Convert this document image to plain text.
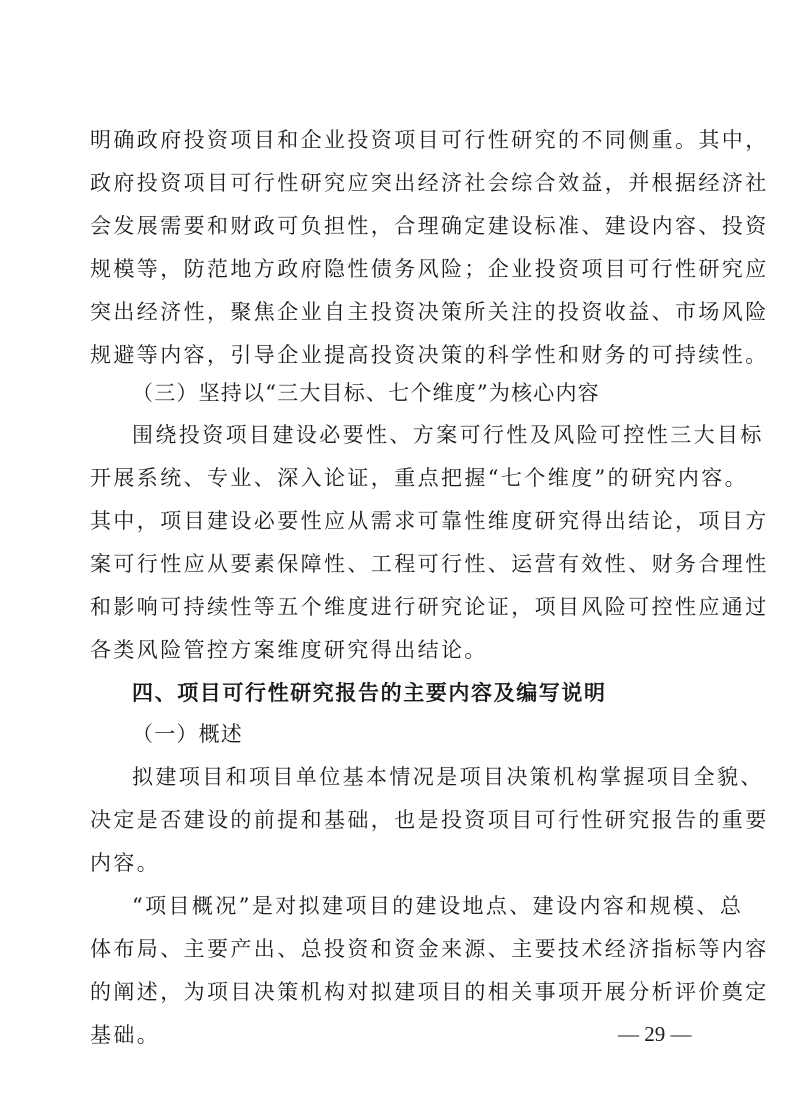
明确政府投资项目和企业投资项目可行性研究的不同侧重。其中，
政府投资项目可行性研究应突出经济社会综合效益，并根据经济社
会发展需要和财政可负担性，合理确定建设标准、建设内容、投资
规模等，防范地方政府隐性债务风险；企业投资项目可行性研究应
突出经济性，聚焦企业自主投资决策所关注的投资收益、市场风险
规避等内容，引导企业提高投资决策的科学性和财务的可持续性。
（三）坚持以“三大目标、七个维度”为核心内容
围绕投资项目建设必要性、方案可行性及风险可控性三大目标
开展系统、专业、深入论证，重点把握“七个维度”的研究内容。
其中，项目建设必要性应从需求可靠性维度研究得出结论，项目方
案可行性应从要素保障性、工程可行性、运营有效性、财务合理性
和影响可持续性等五个维度进行研究论证，项目风险可控性应通过
各类风险管控方案维度研究得出结论。
四、项目可行性研究报告的主要内容及编写说明
（一）概述
拟建项目和项目单位基本情况是项目决策机构掌握项目全貌、
决定是否建设的前提和基础，也是投资项目可行性研究报告的重要
内容。
“项目概况”是对拟建项目的建设地点、建设内容和规模、总
体布局、主要产出、总投资和资金来源、主要技术经济指标等内容
的阐述，为项目决策机构对拟建项目的相关事项开展分析评价奠定
基础。	— 29 —
